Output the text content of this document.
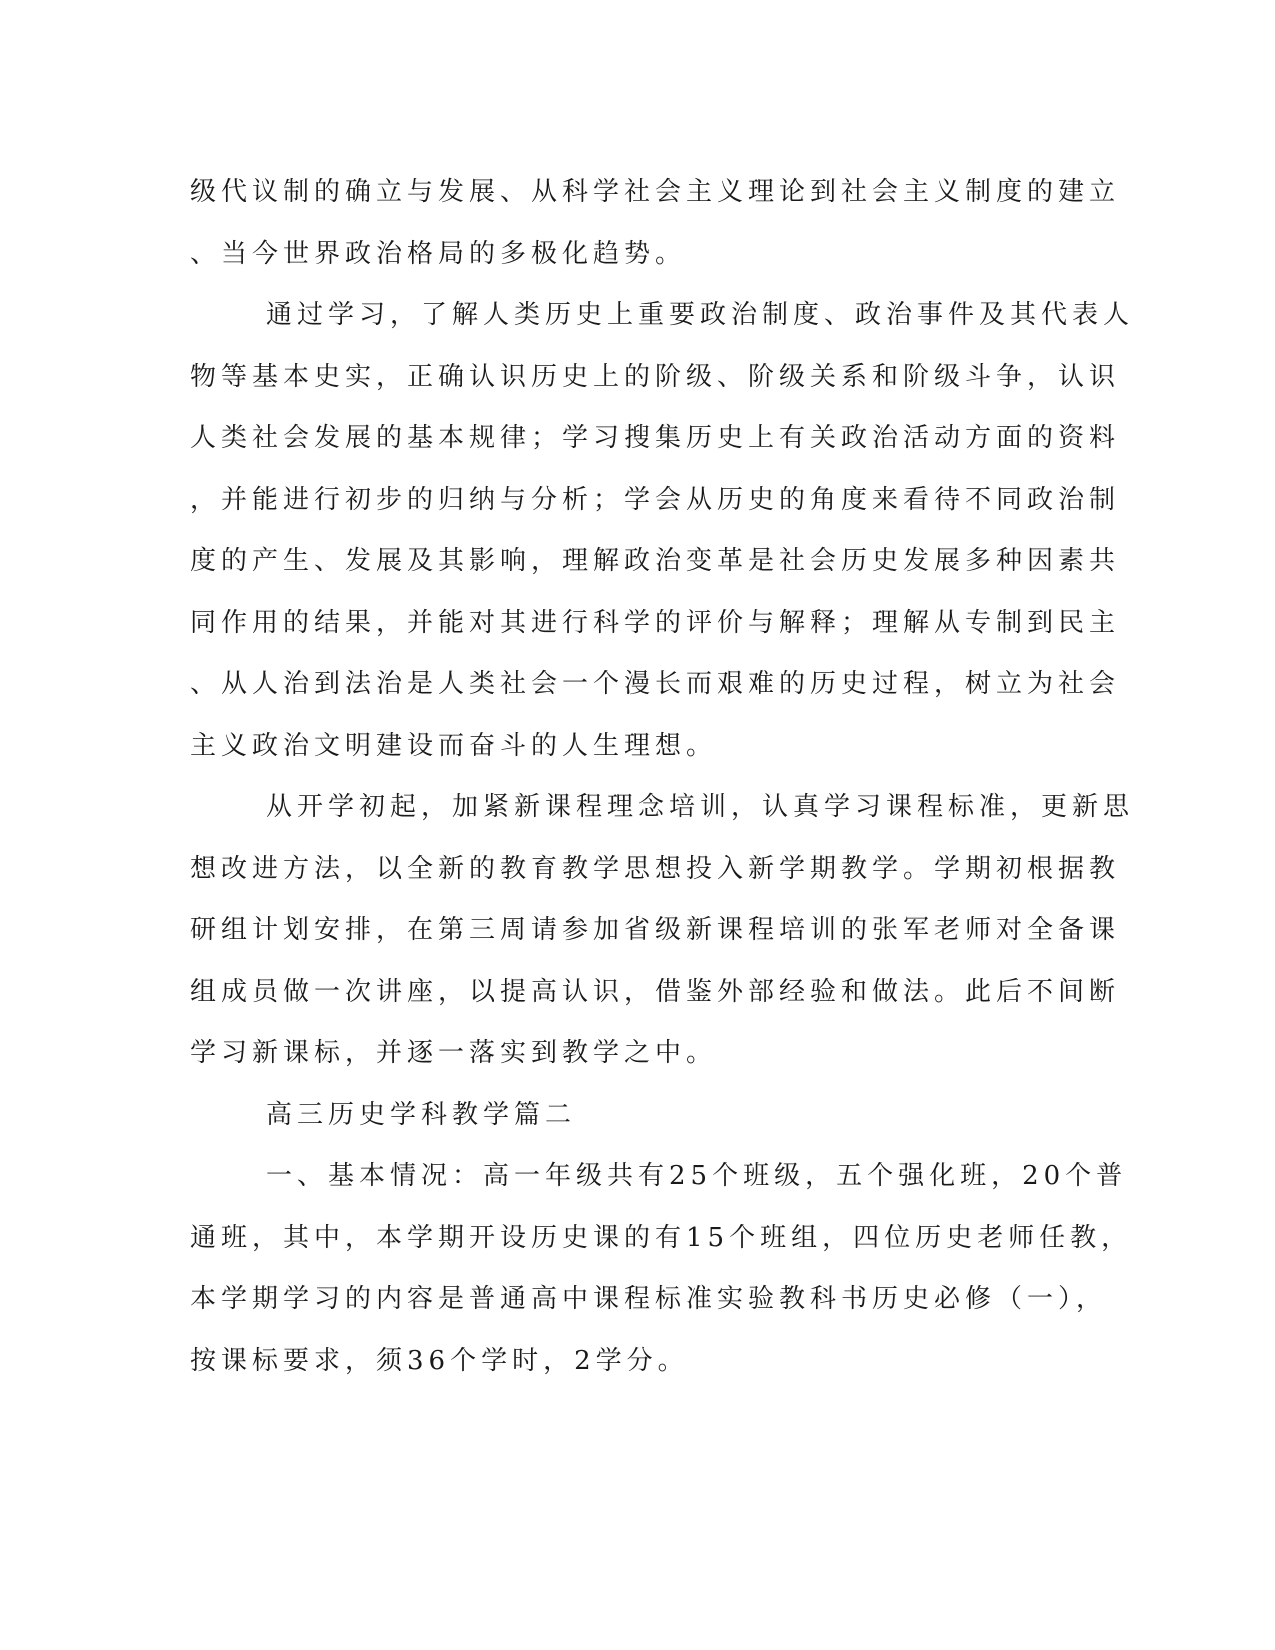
级代议制的确立与发展、从科学社会主义理论到社会主义制度的建立
、当今世界政治格局的多极化趋势。
通过学习，了解人类历史上重要政治制度、政治事件及其代表人
物等基本史实，正确认识历史上的阶级、阶级关系和阶级斗争，认识
人类社会发展的基本规律；学习搜集历史上有关政治活动方面的资料
，并能进行初步的归纳与分析；学会从历史的角度来看待不同政治制
度的产生、发展及其影响，理解政治变革是社会历史发展多种因素共
同作用的结果，并能对其进行科学的评价与解释；理解从专制到民主
、从人治到法治是人类社会一个漫长而艰难的历史过程，树立为社会
主义政治文明建设而奋斗的人生理想。
从开学初起，加紧新课程理念培训，认真学习课程标准，更新思
想改进方法，以全新的教育教学思想投入新学期教学。学期初根据教
研组计划安排，在第三周请参加省级新课程培训的张军老师对全备课
组成员做一次讲座，以提高认识，借鉴外部经验和做法。此后不间断
学习新课标，并逐一落实到教学之中。
高三历史学科教学篇二
一、基本情况：高一年级共有25个班级，五个强化班，20个普
通班，其中，本学期开设历史课的有15个班组，四位历史老师任教，
本学期学习的内容是普通高中课程标准实验教科书历史必修（一），
按课标要求，须36个学时，2学分。
